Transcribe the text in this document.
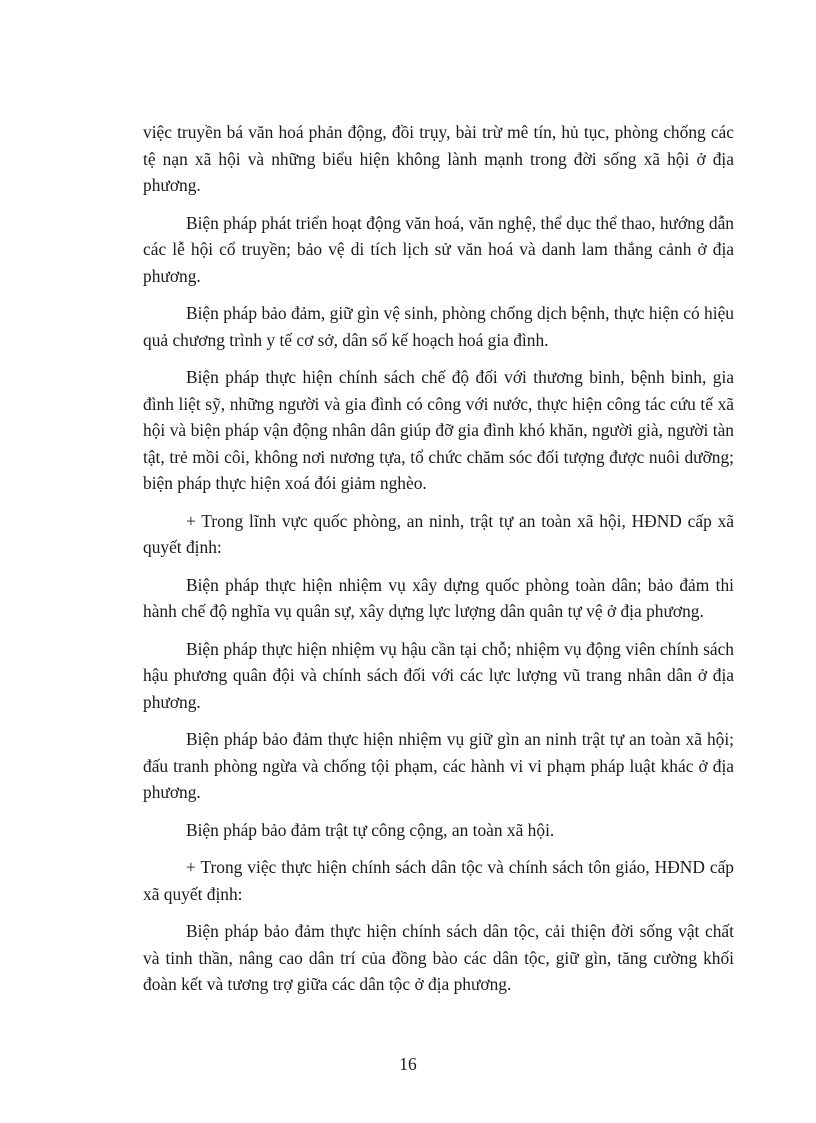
việc truyền bá văn hoá phản động, đồi trụy, bài trừ mê tín, hủ tục, phòng chống các tệ nạn xã hội và những biểu hiện không lành mạnh trong đời sống xã hội ở địa phương.

Biện pháp phát triển hoạt động văn hoá, văn nghệ, thể dục thể thao, hướng dẫn các lễ hội cổ truyền; bảo vệ di tích lịch sử văn hoá và danh lam thắng cảnh ở địa phương.

Biện pháp bảo đảm, giữ gìn vệ sinh, phòng chống dịch bệnh, thực hiện có hiệu quả chương trình y tế cơ sở, dân số kế hoạch hoá gia đình.

Biện pháp thực hiện chính sách chế độ đối với thương binh, bệnh binh, gia đình liệt sỹ, những người và gia đình có công với nước, thực hiện công tác cứu tế xã hội và biện pháp vận động nhân dân giúp đỡ gia đình khó khăn, người già, người tàn tật, trẻ mồi côi, không nơi nương tựa, tổ chức chăm sóc đối tượng được nuôi dưỡng; biện pháp thực hiện xoá đói giảm nghèo.

+ Trong lĩnh vực quốc phòng, an ninh, trật tự an toàn xã hội, HĐND cấp xã quyết định:

Biện pháp thực hiện nhiệm vụ xây dựng quốc phòng toàn dân; bảo đảm thi hành chế độ nghĩa vụ quân sự, xây dựng lực lượng dân quân tự vệ ở địa phương.

Biện pháp thực hiện nhiệm vụ hậu cần tại chỗ; nhiệm vụ động viên chính sách hậu phương quân đội và chính sách đối với các lực lượng vũ trang nhân dân ở địa phương.

Biện pháp bảo đảm thực hiện nhiệm vụ giữ gìn an ninh trật tự an toàn xã hội; đấu tranh phòng ngừa và chống tội phạm, các hành vi vi phạm pháp luật khác ở địa phương.

Biện pháp bảo đảm trật tự công cộng, an toàn xã hội.

+ Trong việc thực hiện chính sách dân tộc và chính sách tôn giáo, HĐND cấp xã quyết định:

Biện pháp bảo đảm thực hiện chính sách dân tộc, cải thiện đời sống vật chất và tinh thần, nâng cao dân trí của đồng bào các dân tộc, giữ gìn, tăng cường khối đoàn kết và tương trợ giữa các dân tộc ở địa phương.

16
